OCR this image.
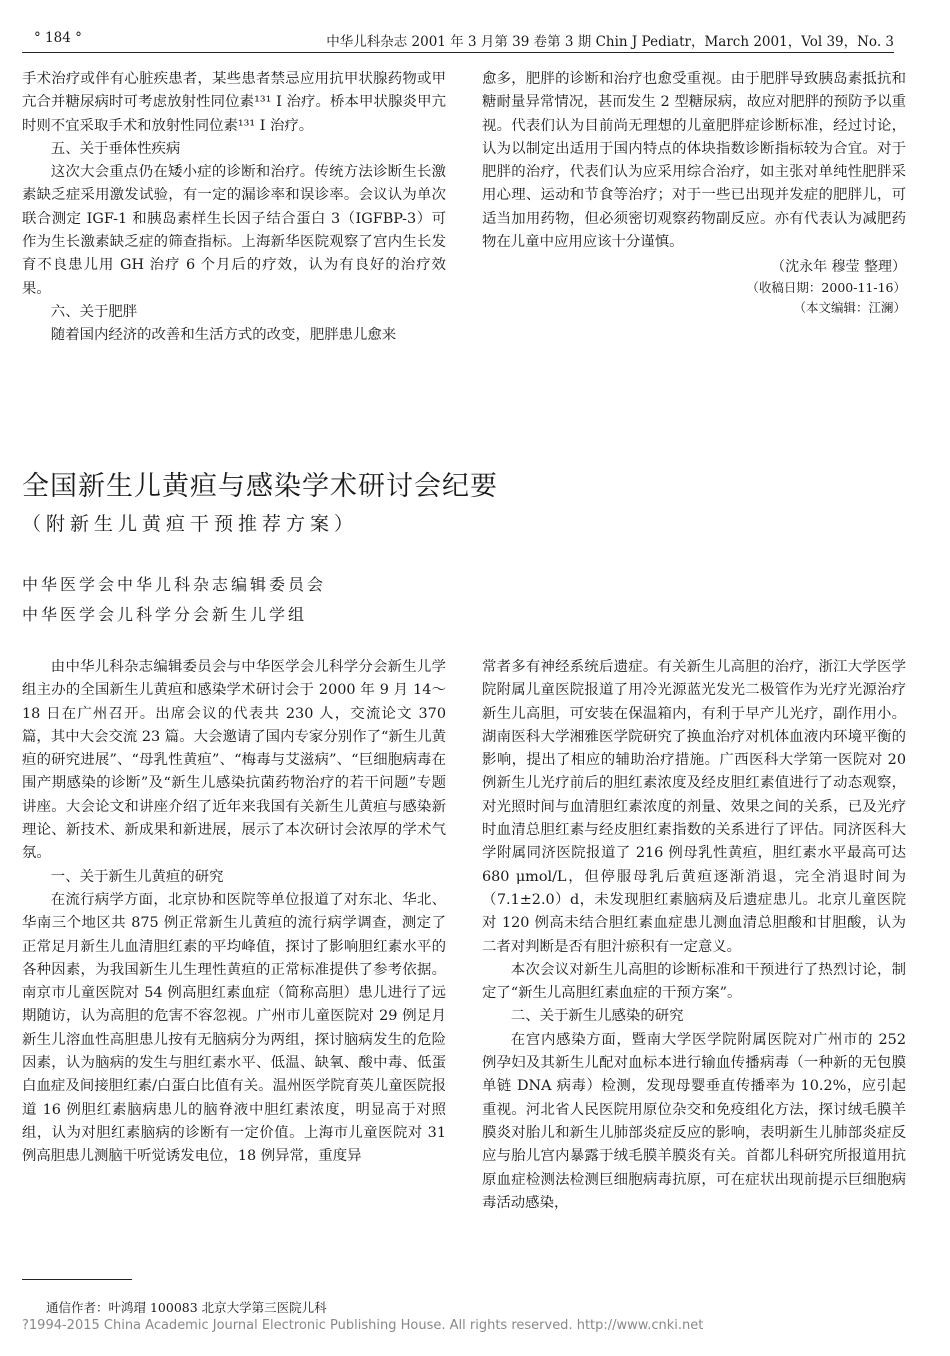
° 184 °	中华儿科杂志 2001 年 3 月第 39 卷第 3 期 Chin J Pediatr，March 2001，Vol 39，No. 3

手术治疗或伴有心脏疾患者，某些患者禁忌应用抗甲状腺药物或甲亢合并糖尿病时可考虑放射性同位素¹³¹ I 治疗。桥本甲状腺炎甲亢时则不宜采取手术和放射性同位素¹³¹ I 治疗。

五、关于垂体性疾病

这次大会重点仍在矮小症的诊断和治疗。传统方法诊断生长激素缺乏症采用激发试验，有一定的漏诊率和误诊率。会议认为单次联合测定 IGF-1 和胰岛素样生长因子结合蛋白 3（IGFBP-3）可作为生长激素缺乏症的筛查指标。上海新华医院观察了宫内生长发育不良患儿用 GH 治疗 6 个月后的疗效，认为有良好的治疗效果。

六、关于肥胖

随着国内经济的改善和生活方式的改变，肥胖患儿愈来

愈多，肥胖的诊断和治疗也愈受重视。由于肥胖导致胰岛素抵抗和糖耐量异常情况，甚而发生 2 型糖尿病，故应对肥胖的预防予以重视。代表们认为目前尚无理想的儿童肥胖症诊断标准，经过讨论，认为以制定出适用于国内特点的体块指数诊断指标较为合宜。对于肥胖的治疗，代表们认为应采用综合治疗，如主张对单纯性肥胖采用心理、运动和节食等治疗；对于一些已出现并发症的肥胖儿，可适当加用药物，但必须密切观察药物副反应。亦有代表认为减肥药物在儿童中应用应该十分谨慎。

（沈永年 穆莹 整理）
（收稿日期：2000-11-16）
（本文编辑：江澜）
全国新生儿黄疸与感染学术研讨会纪要
（附新生儿黄疸干预推荐方案）
中华医学会中华儿科杂志编辑委员会
中华医学会儿科学分会新生儿学组

由中华儿科杂志编辑委员会与中华医学会儿科学分会新生儿学组主办的全国新生儿黄疸和感染学术研讨会于 2000 年 9 月 14～18 日在广州召开。出席会议的代表共 230 人，交流论文 370 篇，其中大会交流 23 篇。大会邀请了国内专家分别作了“新生儿黄疸的研究进展”、“母乳性黄疸”、“梅毒与艾滋病”、“巨细胞病毒在围产期感染的诊断”及“新生儿感染抗菌药物治疗的若干问题”专题讲座。大会论文和讲座介绍了近年来我国有关新生儿黄疸与感染新理论、新技术、新成果和新进展，展示了本次研讨会浓厚的学术气氛。

一、关于新生儿黄疸的研究

在流行病学方面，北京协和医院等单位报道了对东北、华北、华南三个地区共 875 例正常新生儿黄疸的流行病学调查，测定了正常足月新生儿血清胆红素的平均峰值，探讨了影响胆红素水平的各种因素，为我国新生儿生理性黄疸的正常标准提供了参考依据。南京市儿童医院对 54 例高胆红素血症（简称高胆）患儿进行了远期随访，认为高胆的危害不容忽视。广州市儿童医院对 29 例足月新生儿溶血性高胆患儿按有无脑病分为两组，探讨脑病发生的危险因素，认为脑病的发生与胆红素水平、低温、缺氧、酸中毒、低蛋白血症及间接胆红素/白蛋白比值有关。温州医学院育英儿童医院报道 16 例胆红素脑病患儿的脑脊液中胆红素浓度，明显高于对照组，认为对胆红素脑病的诊断有一定价值。上海市儿童医院对 31 例高胆患儿测脑干听觉诱发电位，18 例异常，重度异

常者多有神经系统后遗症。有关新生儿高胆的治疗，浙江大学医学院附属儿童医院报道了用冷光源蓝光发光二极管作为光疗光源治疗新生儿高胆，可安装在保温箱内，有利于早产儿光疗，副作用小。湖南医科大学湘雅医学院研究了换血治疗对机体血液内环境平衡的影响，提出了相应的辅助治疗措施。广西医科大学第一医院对 20 例新生儿光疗前后的胆红素浓度及经皮胆红素值进行了动态观察，对光照时间与血清胆红素浓度的剂量、效果之间的关系，已及光疗时血清总胆红素与经皮胆红素指数的关系进行了评估。同济医科大学附属同济医院报道了 216 例母乳性黄疸，胆红素水平最高可达 680 μmol/L，但停服母乳后黄疸逐渐消退，完全消退时间为（7.1±2.0）d，未发现胆红素脑病及后遗症患儿。北京儿童医院对 120 例高未结合胆红素血症患儿测血清总胆酸和甘胆酸，认为二者对判断是否有胆汁瘀积有一定意义。

本次会议对新生儿高胆的诊断标准和干预进行了热烈讨论，制定了“新生儿高胆红素血症的干预方案”。

二、关于新生儿感染的研究

在宫内感染方面，暨南大学医学院附属医院对广州市的 252 例孕妇及其新生儿配对血标本进行输血传播病毒（一种新的无包膜单链 DNA 病毒）检测，发现母婴垂直传播率为 10.2%，应引起重视。河北省人民医院用原位杂交和免疫组化方法，探讨绒毛膜羊膜炎对胎儿和新生儿肺部炎症反应的影响，表明新生儿肺部炎症反应与胎儿宫内暴露于绒毛膜羊膜炎有关。首都儿科研究所报道用抗原血症检测法检测巨细胞病毒抗原，可在症状出现前提示巨细胞病毒活动感染，

通信作者：叶鸿瑁 100083 北京大学第三医院儿科
?1994-2015 China Academic Journal Electronic Publishing House. All rights reserved. http://www.cnki.net
